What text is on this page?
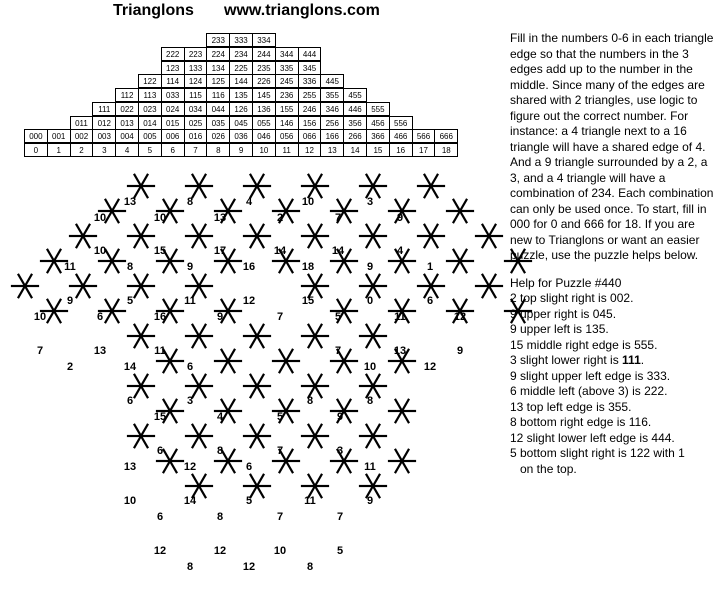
Trianglons www.trianglons.com
233	333	334
222	223	224	234	244	344	444
123	133	134	225	235	335	345
122	114	124	125	144	226	245	336	445
112	113	033	115	116	135	145	236	255	355	455
111	022	023	024	034	044	126	136	155	246	346	446	555
011	012	013	014	015	025	035	045	055	146	156	256	356	456	556
000	001	002	003	004	005	006	016	026	036	046	056	066	166	266	366	466	566	666
0	1	2	3	4	5	6	7	8	9	10	11	12	13	14	15	16	17	18
13	8	4	10	3
10	10	13	2	7	9
10	15	17	14	14	4
11	8	9	16	18	9	1
9	5	11	12	15	0	6
10	6	16	9	7	5	11	12
7	13	11	7	13	9
2	14	6	10	12
6	3	8	8
15	4	5	9
6	8	7	3
13	12	6	11
10	14	5	11	9
6	8	7	7
12	12	10	5
8	12	8

Fill in the numbers 0-6 in each triangle edge so that the numbers in the 3 edges add up to the number in the middle. Since many of the edges are shared with 2 triangles, use logic to figure out the correct number. For instance: a 4 triangle next to a 16 triangle will have a shared edge of 4. And a 9 triangle surrounded by a 2, a 3, and a 4 triangle will have a combination of 234. Each combination can only be used once. To start, fill in 000 for 0 and 666 for 18. If you are new to Trianglons or want an easier puzzle, use the puzzle helps below.

Help for Puzzle #440

2 top slight right is 002.
9 upper right is 045.
9 upper left is 135.
15 middle right edge is 555.
3 slight lower right is 111.
9 slight upper left edge is 333.
6 middle left (above 3) is 222.
13 top left edge is 355.
8 bottom right edge is 116.
12 slight lower left edge is 444.
5 bottom slight right is 122 with 1
on the top.
